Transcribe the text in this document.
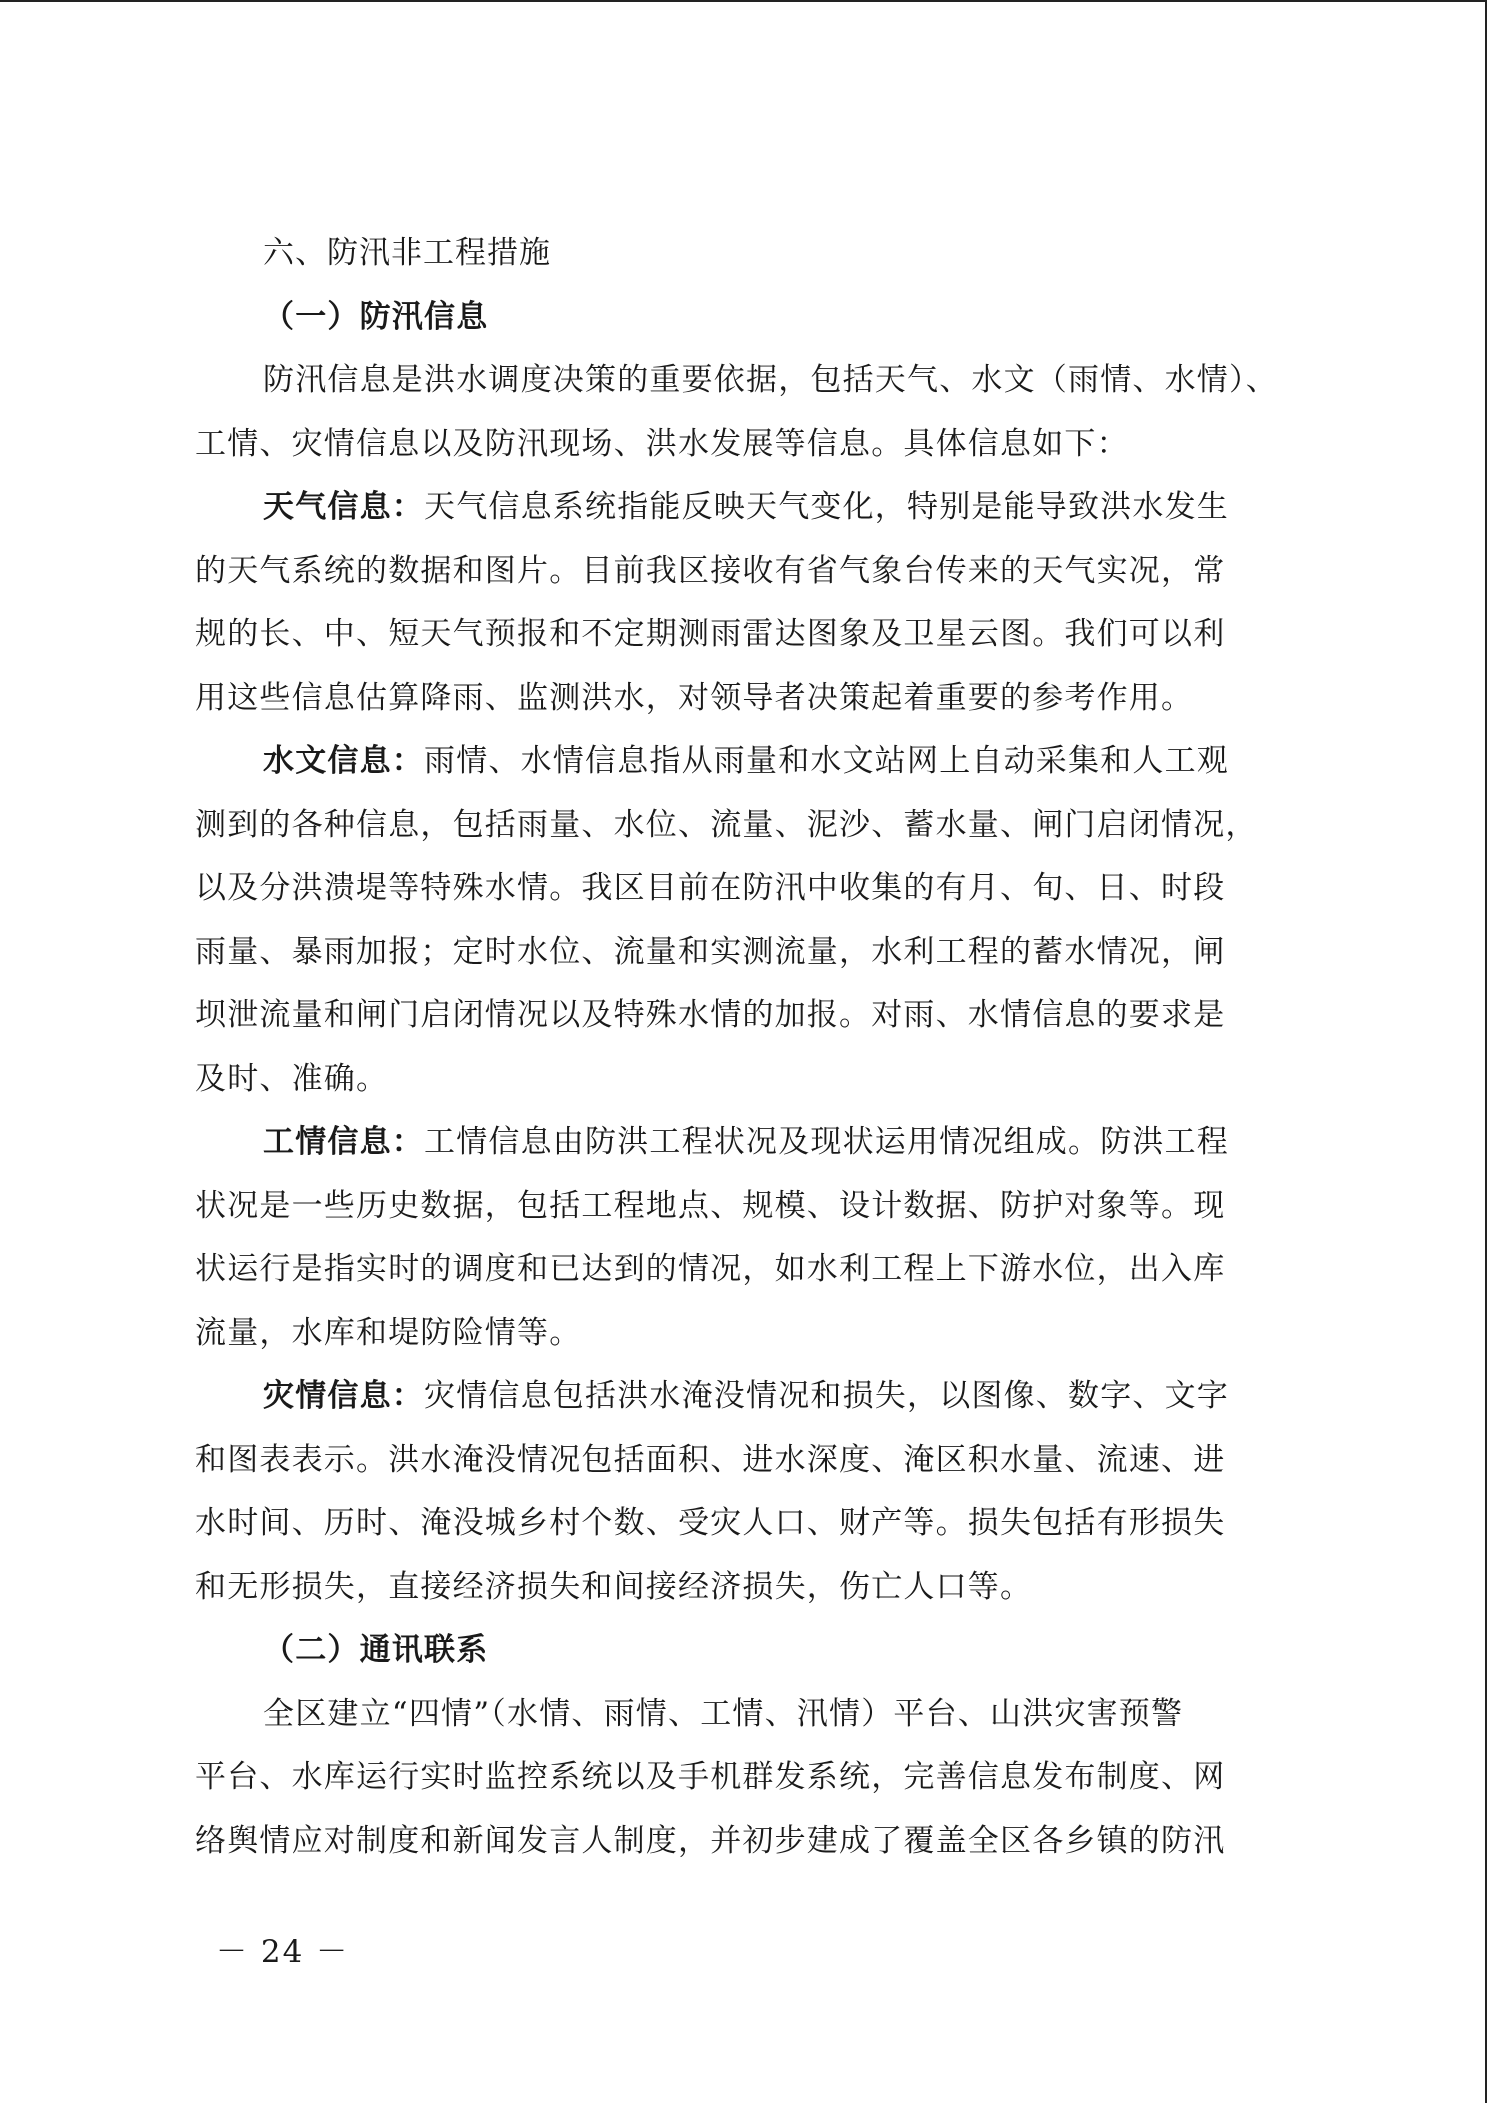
六、防汛非工程措施
（一）防汛信息
防汛信息是洪水调度决策的重要依据，包括天气、水文（雨情、水情）、
工情、灾情信息以及防汛现场、洪水发展等信息。具体信息如下：
天气信息：天气信息系统指能反映天气变化，特别是能导致洪水发生
的天气系统的数据和图片。目前我区接收有省气象台传来的天气实况，常
规的长、中、短天气预报和不定期测雨雷达图象及卫星云图。我们可以利
用这些信息估算降雨、监测洪水，对领导者决策起着重要的参考作用。
水文信息：雨情、水情信息指从雨量和水文站网上自动采集和人工观
测到的各种信息，包括雨量、水位、流量、泥沙、蓄水量、闸门启闭情况，
以及分洪溃堤等特殊水情。我区目前在防汛中收集的有月、旬、日、时段
雨量、暴雨加报；定时水位、流量和实测流量，水利工程的蓄水情况，闸
坝泄流量和闸门启闭情况以及特殊水情的加报。对雨、水情信息的要求是
及时、准确。
工情信息：工情信息由防洪工程状况及现状运用情况组成。防洪工程
状况是一些历史数据，包括工程地点、规模、设计数据、防护对象等。现
状运行是指实时的调度和已达到的情况，如水利工程上下游水位，出入库
流量，水库和堤防险情等。
灾情信息：灾情信息包括洪水淹没情况和损失，以图像、数字、文字
和图表表示。洪水淹没情况包括面积、进水深度、淹区积水量、流速、进
水时间、历时、淹没城乡村个数、受灾人口、财产等。损失包括有形损失
和无形损失，直接经济损失和间接经济损失，伤亡人口等。
（二）通讯联系
全区建立“四情”（水情、雨情、工情、汛情）平台、山洪灾害预警
平台、水库运行实时监控系统以及手机群发系统，完善信息发布制度、网
络舆情应对制度和新闻发言人制度，并初步建成了覆盖全区各乡镇的防汛
－ 24 －
